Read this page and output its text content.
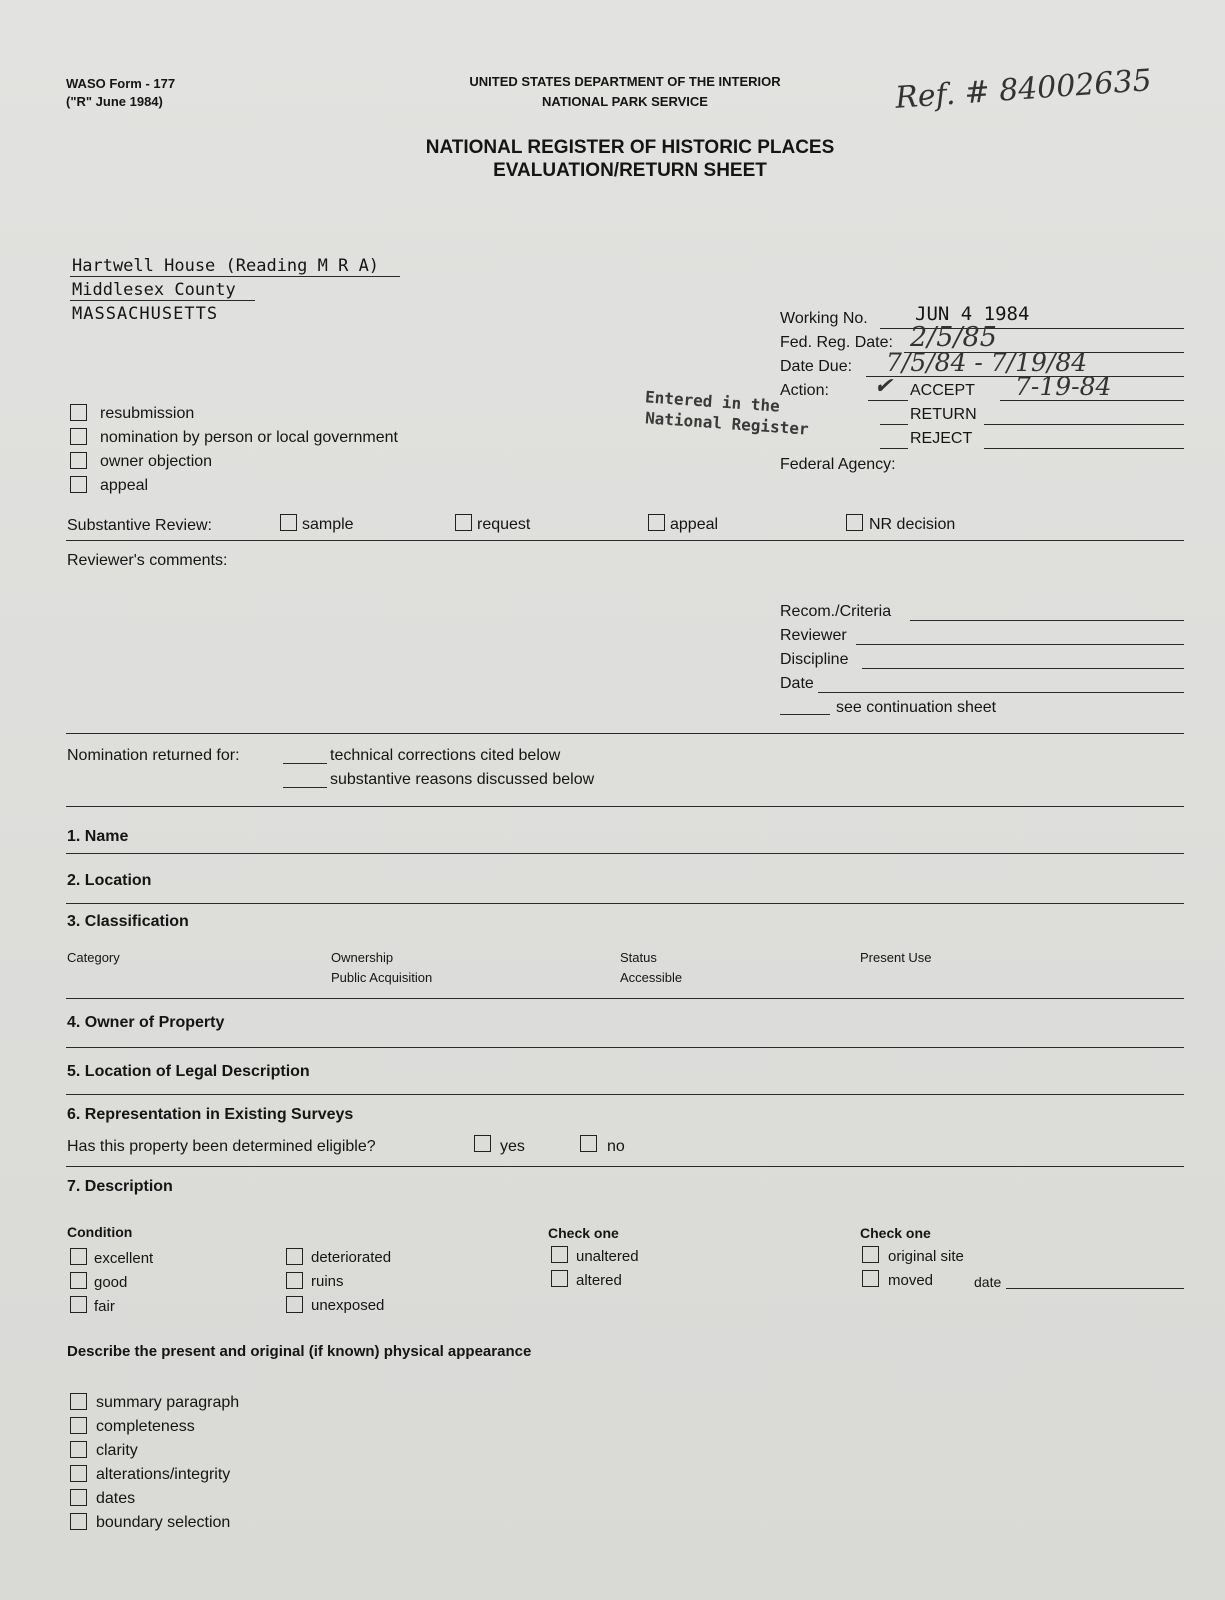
WASO Form - 177
("R" June 1984)
UNITED STATES DEPARTMENT OF THE INTERIOR
NATIONAL PARK SERVICE	Ref. # 84002635
NATIONAL REGISTER OF HISTORIC PLACES
EVALUATION/RETURN SHEET
Hartwell House (Reading M R A)
Middlesex County
MASSACHUSETTS	Working No. JUN 4 1984
Fed. Reg. Date: 2/5/85
Date Due: 7/5/84 - 7/19/84
Action: ✔ ACCEPT 7-19-84
RETURN
REJECT
Federal Agency:
Entered in the
National Register
resubmission
nomination by person or local government
owner objection
appeal
Substantive Review:	sample	request	appeal	NR decision
Reviewer's comments:
Recom./Criteria
Reviewer
Discipline
Date
see continuation sheet
Nomination returned for:	technical corrections cited below
substantive reasons discussed below
1. Name
2. Location
3. Classification
Category	Ownership
Public Acquisition
Status
Accessible
Present Use
4. Owner of Property
5. Location of Legal Description
6. Representation in Existing Surveys
Has this property been determined eligible?	yes	no
7. Description
Condition
excellent
good
fair
deteriorated
ruins
unexposed
Check one
unaltered
altered
Check one
original site
moved	date
Describe the present and original (if known) physical appearance
summary paragraph
completeness
clarity
alterations/integrity
dates
boundary selection
